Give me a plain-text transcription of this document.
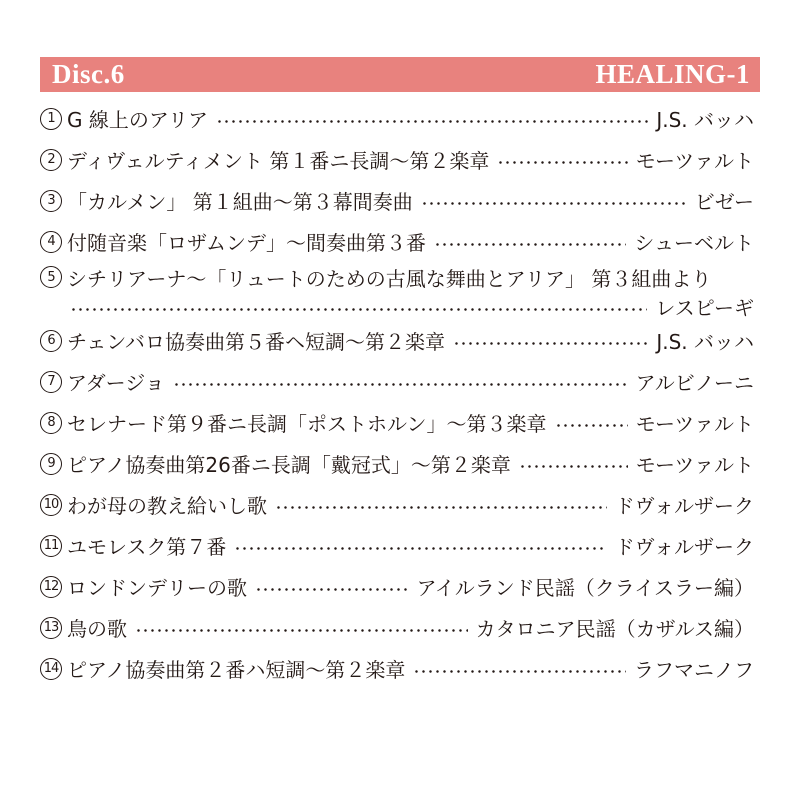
Disc.6	HEALING-1
1 G 線上のアリア	J.S. バッハ
2 ディヴェルティメント 第１番ニ長調～第２楽章	モーツァルト
3 「カルメン」 第１組曲～第３幕間奏曲	ビゼー
4 付随音楽「ロザムンデ」～間奏曲第３番	シューベルト
5 シチリアーナ～「リュートのための古風な舞曲とアリア」 第３組曲より
レスピーギ
6 チェンバロ協奏曲第５番ヘ短調～第２楽章	J.S. バッハ
7 アダージョ	アルビノーニ
8 セレナード第９番ニ長調「ポストホルン」～第３楽章	モーツァルト
9 ピアノ協奏曲第26番ニ長調「戴冠式」～第２楽章	モーツァルト
10 わが母の教え給いし歌	ドヴォルザーク
11 ユモレスク第７番	ドヴォルザーク
12 ロンドンデリーの歌	アイルランド民謡（クライスラー編）
13 鳥の歌	カタロニア民謡（カザルス編）
14 ピアノ協奏曲第２番ハ短調～第２楽章	ラフマニノフ
